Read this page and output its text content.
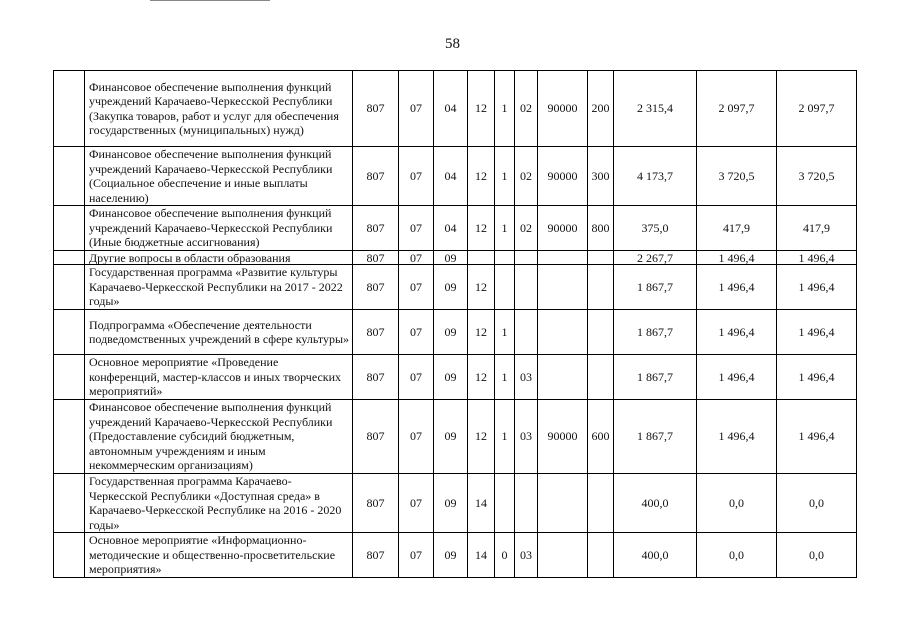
58
	Финансовое обеспечение выполнения функций учреждений Карачаево-Черкесской Республики (Закупка товаров, работ и услуг для обеспечения государственных (муниципальных) нужд)	807	07	04	12	1	02	90000	200	2 315,4	2 097,7	2 097,7
	Финансовое обеспечение выполнения функций учреждений Карачаево-Черкесской Республики (Социальное обеспечение и иные выплаты населению)	807	07	04	12	1	02	90000	300	4 173,7	3 720,5	3 720,5
	Финансовое обеспечение выполнения функций учреждений Карачаево-Черкесской Республики (Иные бюджетные ассигнования)	807	07	04	12	1	02	90000	800	375,0	417,9	417,9
	Другие вопросы в области образования	807	07	09						2 267,7	1 496,4	1 496,4
	Государственная программа «Развитие культуры Карачаево-Черкесской Республики на 2017 - 2022 годы»	807	07	09	12					1 867,7	1 496,4	1 496,4
	Подпрограмма «Обеспечение деятельности подведомственных учреждений в сфере культуры»	807	07	09	12	1				1 867,7	1 496,4	1 496,4
	Основное мероприятие «Проведение конференций, мастер-классов и иных творческих мероприятий»	807	07	09	12	1	03			1 867,7	1 496,4	1 496,4
	Финансовое обеспечение выполнения функций учреждений Карачаево-Черкесской Республики (Предоставление субсидий бюджетным, автономным учреждениям и иным некоммерческим организациям)	807	07	09	12	1	03	90000	600	1 867,7	1 496,4	1 496,4
	Государственная программа Карачаево-Черкесской Республики «Доступная среда» в Карачаево-Черкесской Республике на 2016 - 2020 годы»	807	07	09	14					400,0	0,0	0,0
	Основное мероприятие «Информационно-методические и общественно-просветительские мероприятия»	807	07	09	14	0	03			400,0	0,0	0,0
